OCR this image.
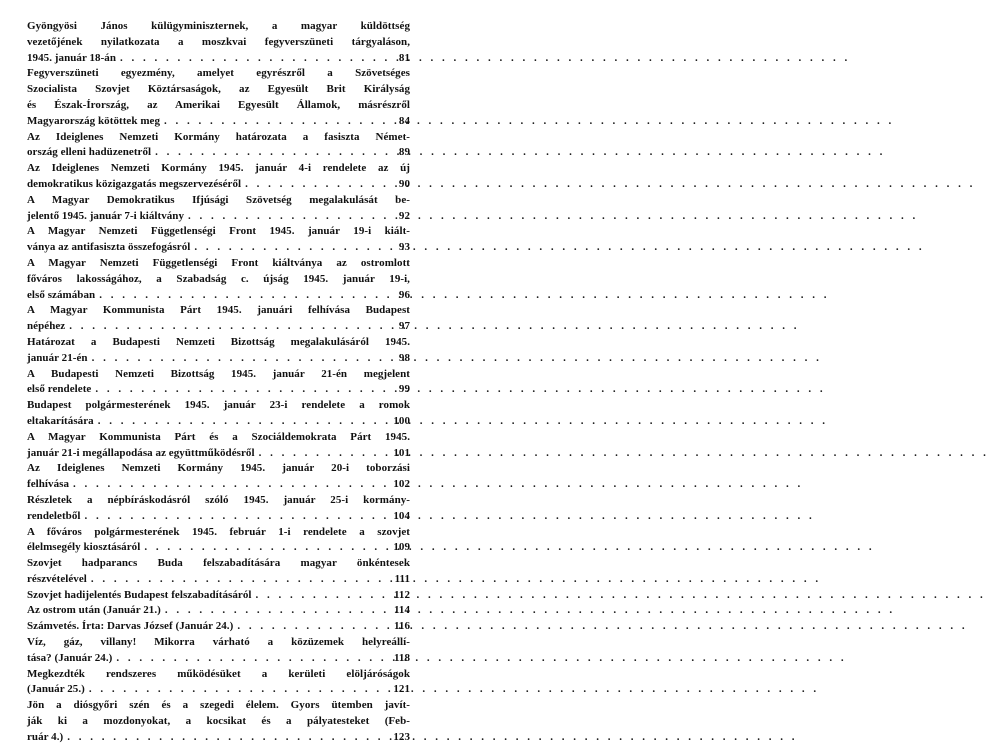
Gyöngyösi János külügyminiszternek, a magyar küldöttség
vezetőjének nyilatkozata a moszkvai fegyverszüneti tárgyaláson,
1945. január 18-án . . .	81
Fegyverszüneti egyezmény, amelyet egyrészről a Szövetséges
Szocialista Szovjet Köztársaságok, az Egyesült Brit Királyság
és Észak-Írország, az Amerikai Egyesült Államok, másrészről
Magyarország kötöttek meg . . .	84
Az Ideiglenes Nemzeti Kormány határozata a fasiszta Német-
ország elleni hadüzenetről . . .	89
Az Ideiglenes Nemzeti Kormány 1945. január 4-i rendelete az új
demokratikus közigazgatás megszervezéséről . . .	90
A Magyar Demokratikus Ifjúsági Szövetség megalakulását be-
jelentő 1945. január 7-i kiáltvány . . .	92
A Magyar Nemzeti Függetlenségi Front 1945. január 19-i kiált-
ványa az antifasiszta összefogásról . . .	93
A Magyar Nemzeti Függetlenségi Front kiáltványa az ostromlott
főváros lakosságához, a Szabadság c. újság 1945. január 19-i,
első számában . . .	96
A Magyar Kommunista Párt 1945. januári felhívása Budapest
népéhez . . .	97
Határozat a Budapesti Nemzeti Bizottság megalakulásáról 1945.
január 21-én . . .	98
A Budapesti Nemzeti Bizottság 1945. január 21-én megjelent
első rendelete . . .	99
Budapest polgármesterének 1945. január 23-i rendelete a romok
eltakarítására . . .	100
A Magyar Kommunista Párt és a Szociáldemokrata Párt 1945.
január 21-i megállapodása az együttműködésről . . .	101
Az Ideiglenes Nemzeti Kormány 1945. január 20-i toborzási
felhívása . . .	102
Részletek a népbíráskodásról szóló 1945. január 25-i kormány-
rendeletből . . .	104
A főváros polgármesterének 1945. február 1-i rendelete a szovjet
élelmsegély kiosztásáról . . .	109
Szovjet hadparancs Buda felszabadítására magyar önkéntesek
részvételével . . .	111
Szovjet hadijelentés Budapest felszabadításáról . . .	112
Az ostrom után (Január 21.) . . .	114
Számvetés. Írta: Darvas József (Január 24.) . . .	116
Víz, gáz, villany! Mikorra várható a közüzemek helyreállí-
tása? (Január 24.) . . .	118
Megkezdték rendszeres működésüket a kerületi elöljáróságok
(Január 25.) . . .	121
Jön a diósgyőri szén és a szegedi élelem. Gyors ütemben javít-
ják ki a mozdonyokat, a kocsikat és a pályatesteket (Feb-
ruár 4.) . . .	123
